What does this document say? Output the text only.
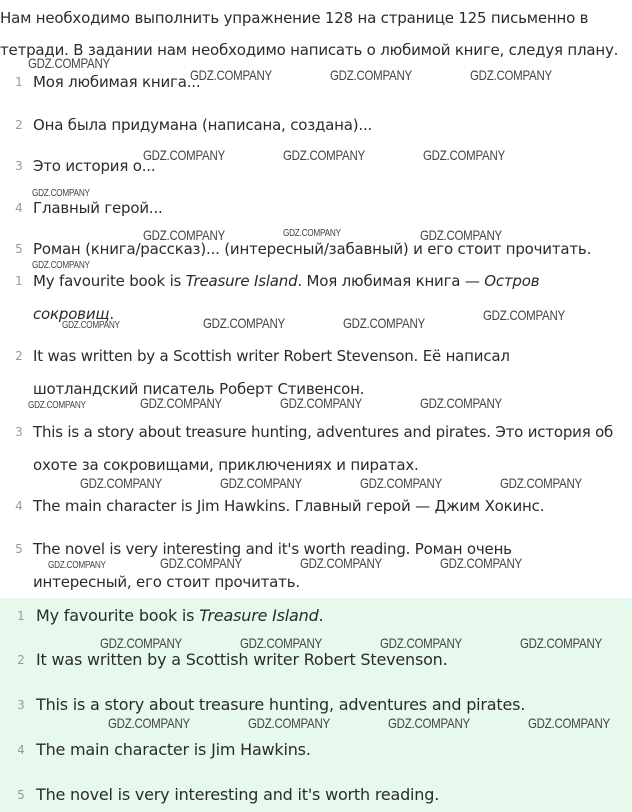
Нам необходимо выполнить упражнение 128 на странице 125 письменно в
тетради. В задании нам необходимо написать о любимой книге, следуя плану.
1 Моя любимая книга...
2 Она была придумана (написана, создана)...
3 Это история о...
4 Главный герой...
5 Роман (книга/рассказ)... (интересный/забавный) и его стоит прочитать.
1 My favourite book is Treasure Island. Моя любимая книга — Остров сокровищ.
2 It was written by a Scottish writer Robert Stevenson. Её написал шотландский писатель Роберт Стивенсон.
3 This is a story about treasure hunting, adventures and pirates. Это история об охоте за сокровищами, приключениях и пиратах.
4 The main character is Jim Hawkins. Главный герой — Джим Хокинс.
5 The novel is very interesting and it's worth reading. Роман очень интересный, его стоит прочитать.
1 My favourite book is Treasure Island.
2 It was written by a Scottish writer Robert Stevenson.
3 This is a story about treasure hunting, adventures and pirates.
4 The main character is Jim Hawkins.
5 The novel is very interesting and it's worth reading.
GDZ.COMPANY
GDZ.COMPANY	GDZ.COMPANY	GDZ.COMPANY
GDZ.COMPANY	GDZ.COMPANY	GDZ.COMPANY
GDZ.COMPANY
GDZ.COMPANY	GDZ.COMPANY	GDZ.COMPANY
GDZ.COMPANY
GDZ.COMPANY	GDZ.COMPANY	GDZ.COMPANY	GDZ.COMPANY
GDZ.COMPANY	GDZ.COMPANY	GDZ.COMPANY	GDZ.COMPANY
GDZ.COMPANY	GDZ.COMPANY	GDZ.COMPANY	GDZ.COMPANY
GDZ.COMPANY	GDZ.COMPANY	GDZ.COMPANY	GDZ.COMPANY
GDZ.COMPANY	GDZ.COMPANY	GDZ.COMPANY	GDZ.COMPANY
GDZ.COMPANY	GDZ.COMPANY	GDZ.COMPANY	GDZ.COMPANY
